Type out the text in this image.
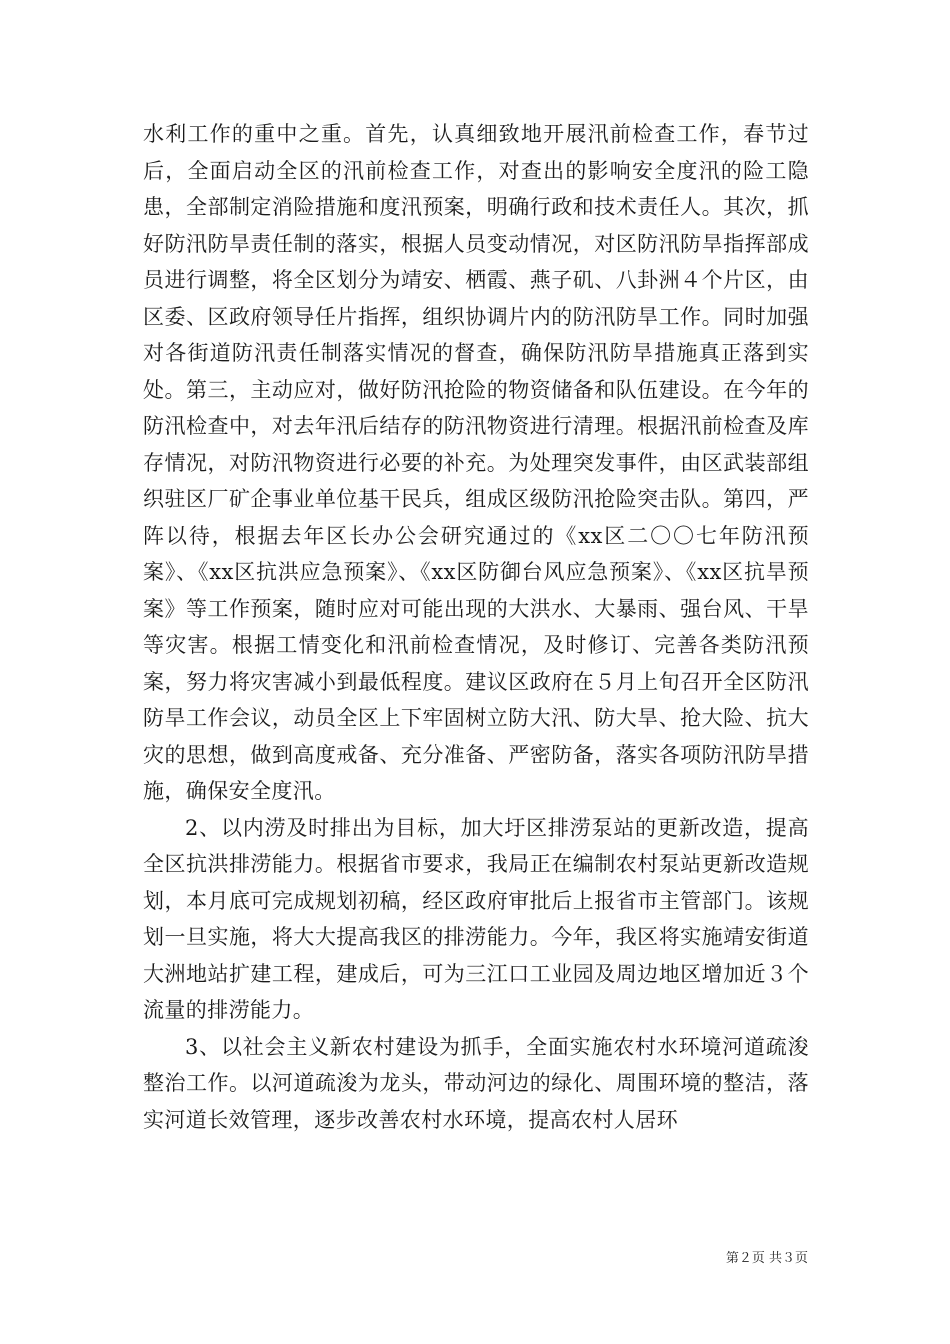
水利工作的重中之重。首先，认真细致地开展汛前检查工作，春节过后，全面启动全区的汛前检查工作，对查出的影响安全度汛的险工隐患，全部制定消险措施和度汛预案，明确行政和技术责任人。其次，抓好防汛防旱责任制的落实，根据人员变动情况，对区防汛防旱指挥部成员进行调整，将全区划分为靖安、栖霞、燕子矶、八卦洲４个片区，由区委、区政府领导任片指挥，组织协调片内的防汛防旱工作。同时加强对各街道防汛责任制落实情况的督查，确保防汛防旱措施真正落到实处。第三，主动应对，做好防汛抢险的物资储备和队伍建设。在今年的防汛检查中，对去年汛后结存的防汛物资进行清理。根据汛前检查及库存情况，对防汛物资进行必要的补充。为处理突发事件，由区武装部组织驻区厂矿企事业单位基干民兵，组成区级防汛抢险突击队。第四，严阵以待，根据去年区长办公会研究通过的《xx区二〇〇七年防汛预案》、《xx区抗洪应急预案》、《xx区防御台风应急预案》、《xx区抗旱预案》等工作预案，随时应对可能出现的大洪水、大暴雨、强台风、干旱等灾害。根据工情变化和汛前检查情况，及时修订、完善各类防汛预案，努力将灾害减小到最低程度。建议区政府在５月上旬召开全区防汛防旱工作会议，动员全区上下牢固树立防大汛、防大旱、抢大险、抗大灾的思想，做到高度戒备、充分准备、严密防备，落实各项防汛防旱措施，确保安全度汛。

2、以内涝及时排出为目标，加大圩区排涝泵站的更新改造，提高全区抗洪排涝能力。根据省市要求，我局正在编制农村泵站更新改造规划，本月底可完成规划初稿，经区政府审批后上报省市主管部门。该规划一旦实施，将大大提高我区的排涝能力。今年，我区将实施靖安街道大洲地站扩建工程，建成后，可为三江口工业园及周边地区增加近３个流量的排涝能力。

3、以社会主义新农村建设为抓手，全面实施农村水环境河道疏浚整治工作。以河道疏浚为龙头，带动河边的绿化、周围环境的整洁，落实河道长效管理，逐步改善农村水环境，提高农村人居环

第２页 共３页
